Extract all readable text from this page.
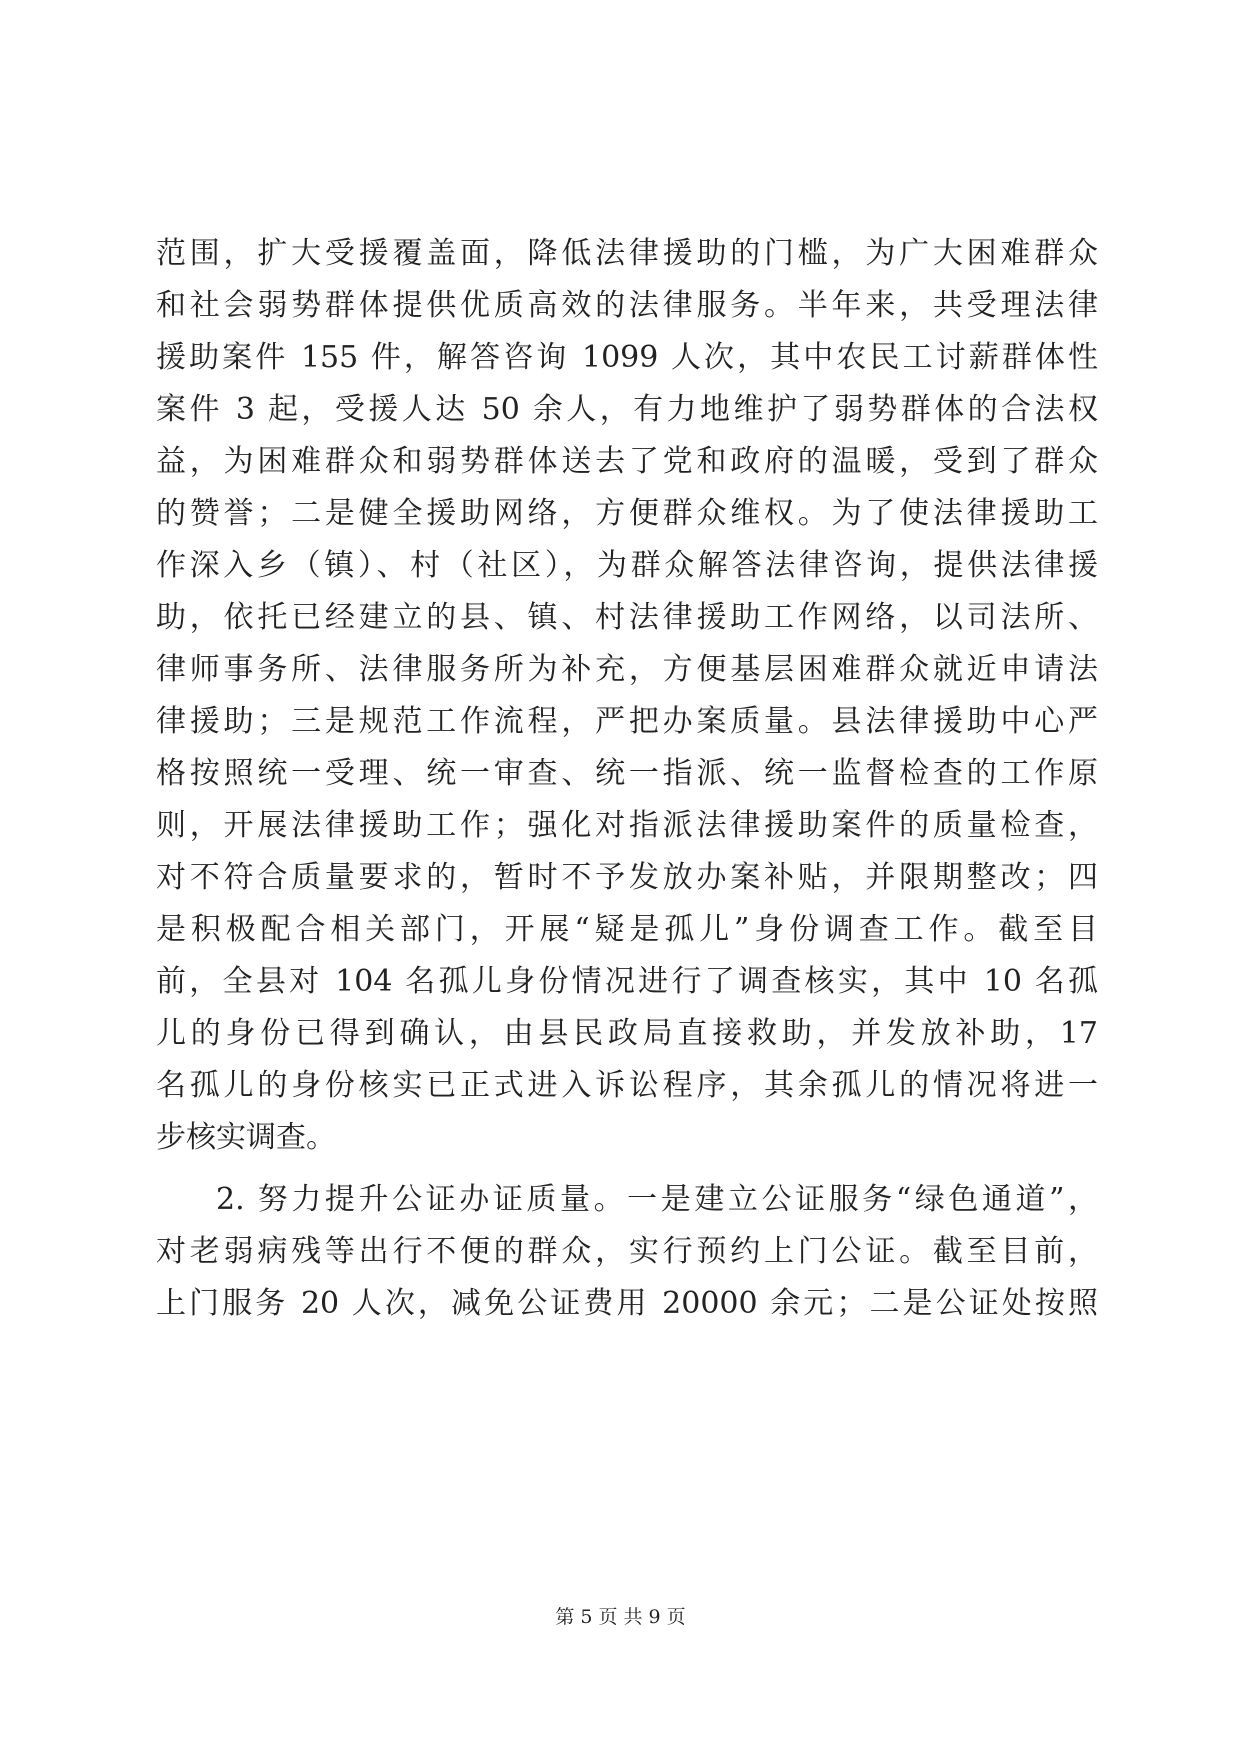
范围，扩大受援覆盖面，降低法律援助的门槛，为广大困难群众
和社会弱势群体提供优质高效的法律服务。半年来，共受理法律
援助案件 155 件，解答咨询 1099 人次，其中农民工讨薪群体性
案件 3 起，受援人达 50 余人，有力地维护了弱势群体的合法权
益，为困难群众和弱势群体送去了党和政府的温暖，受到了群众
的赞誉；二是健全援助网络，方便群众维权。为了使法律援助工
作深入乡（镇）、村（社区），为群众解答法律咨询，提供法律援
助，依托已经建立的县、镇、村法律援助工作网络，以司法所、
律师事务所、法律服务所为补充，方便基层困难群众就近申请法
律援助；三是规范工作流程，严把办案质量。县法律援助中心严
格按照统一受理、统一审查、统一指派、统一监督检查的工作原
则，开展法律援助工作；强化对指派法律援助案件的质量检查，
对不符合质量要求的，暂时不予发放办案补贴，并限期整改；四
是积极配合相关部门，开展“疑是孤儿”身份调查工作。截至目
前，全县对 104 名孤儿身份情况进行了调查核实，其中 10 名孤
儿的身份已得到确认，由县民政局直接救助，并发放补助，17
名孤儿的身份核实已正式进入诉讼程序，其余孤儿的情况将进一
步核实调查。
2. 努力提升公证办证质量。一是建立公证服务“绿色通道”，
对老弱病残等出行不便的群众，实行预约上门公证。截至目前，
上门服务 20 人次，减免公证费用 20000 余元；二是公证处按照
第 5 页 共 9 页
